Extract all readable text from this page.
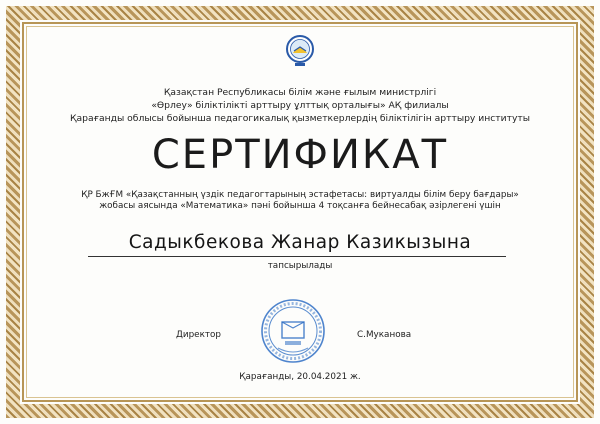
Қазақстан Республикасы білім және ғылым министрлігі
«Өрлеу» біліктілікті арттыру ұлттық орталығы» АҚ филиалы
Қарағанды облысы бойынша педагогикалық қызметкерлердің біліктілігін арттыру институты
СЕРТИФИКАТ
ҚР БжҒМ «Қазақстанның үздік педагогтарының эстафетасы: виртуалды білім беру бағдары»
жобасы аясында «Математика» пәні бойынша 4 тоқсанға бейнесабақ әзірлегені үшін
Садыкбекова Жанар Казикызына
тапсырылады
Директор	С.Муканова
Қарағанды, 20.04.2021 ж.
